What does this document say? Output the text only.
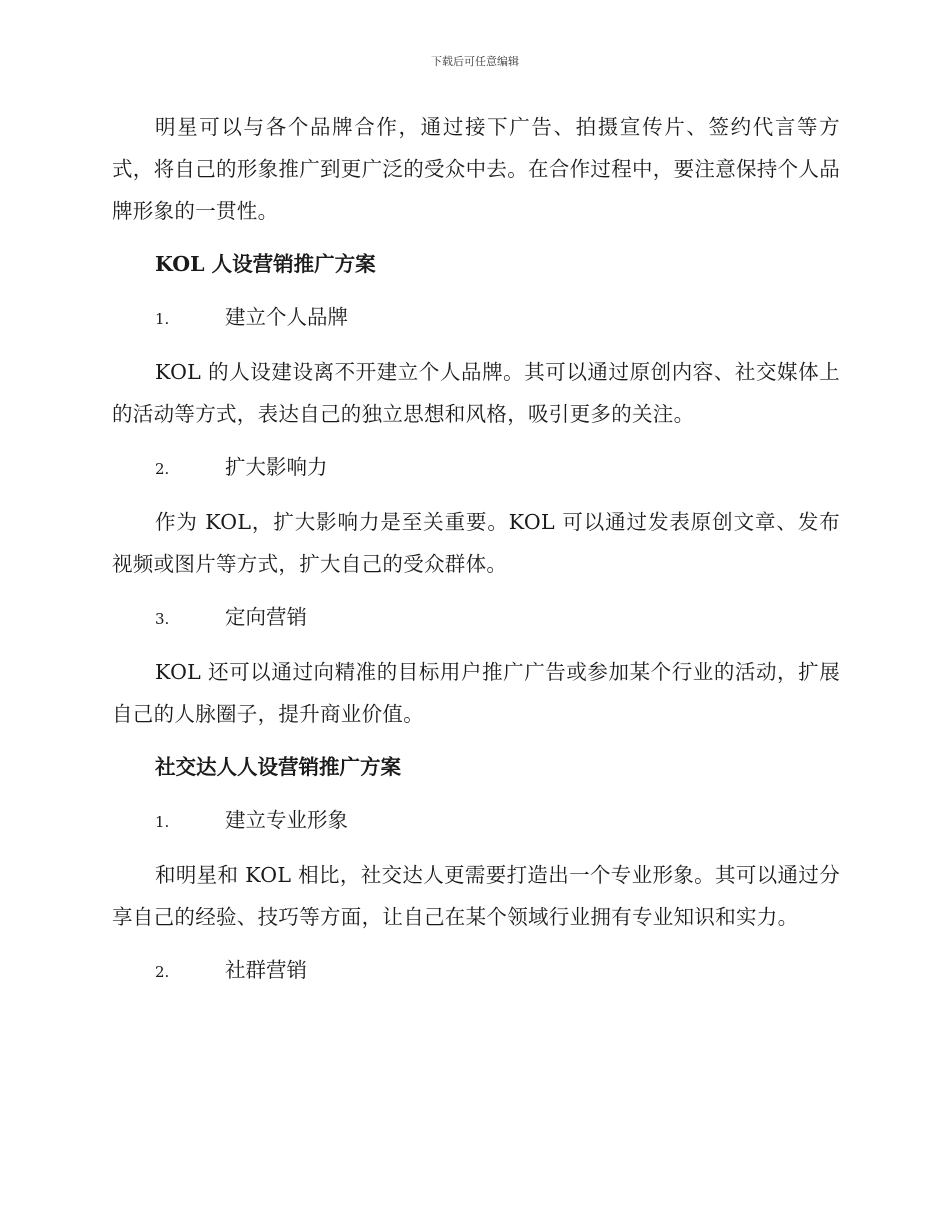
下载后可任意编辑

明星可以与各个品牌合作，通过接下广告、拍摄宣传片、签约代言等方式，将自己的形象推广到更广泛的受众中去。在合作过程中，要注意保持个人品牌形象的一贯性。

KOL 人设营销推广方案

1.	建立个人品牌

KOL 的人设建设离不开建立个人品牌。其可以通过原创内容、社交媒体上的活动等方式，表达自己的独立思想和风格，吸引更多的关注。

2.	扩大影响力

作为 KOL，扩大影响力是至关重要。KOL 可以通过发表原创文章、发布视频或图片等方式，扩大自己的受众群体。

3.	定向营销

KOL 还可以通过向精准的目标用户推广广告或参加某个行业的活动，扩展自己的人脉圈子，提升商业价值。

社交达人人设营销推广方案

1.	建立专业形象

和明星和 KOL 相比，社交达人更需要打造出一个专业形象。其可以通过分享自己的经验、技巧等方面，让自己在某个领域行业拥有专业知识和实力。

2.	社群营销
